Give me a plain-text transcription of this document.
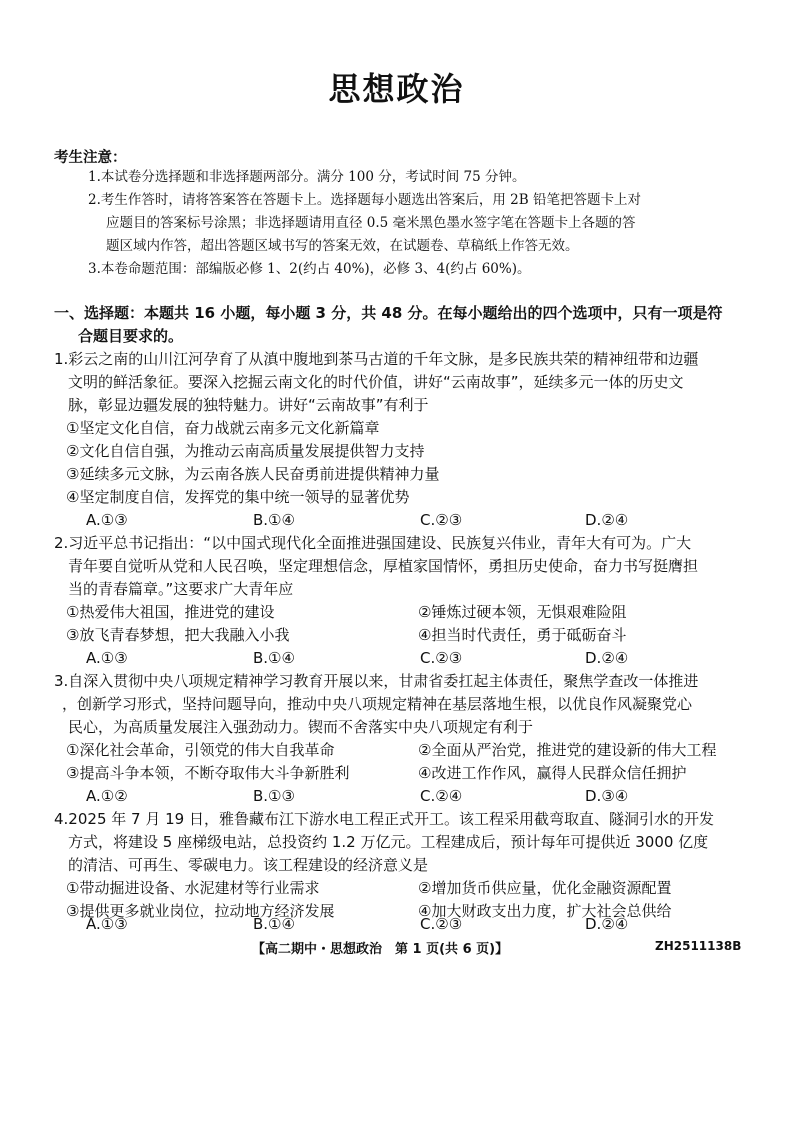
思想政治
考生注意：
1.本试卷分选择题和非选择题两部分。满分 100 分，考试时间 75 分钟。
2.考生作答时，请将答案答在答题卡上。选择题每小题选出答案后，用 2B 铅笔把答题卡上对
应题目的答案标号涂黑；非选择题请用直径 0.5 毫米黑色墨水签字笔在答题卡上各题的答
题区域内作答，超出答题区域书写的答案无效，在试题卷、草稿纸上作答无效。
3.本卷命题范围：部编版必修 1、2(约占 40%)，必修 3、4(约占 60%)。
一、选择题：本题共 16 小题，每小题 3 分，共 48 分。在每小题给出的四个选项中，只有一项是符
合题目要求的。
1.彩云之南的山川江河孕育了从滇中腹地到茶马古道的千年文脉，是多民族共荣的精神纽带和边疆
文明的鲜活象征。要深入挖掘云南文化的时代价值，讲好“云南故事”，延续多元一体的历史文
脉，彰显边疆发展的独特魅力。讲好“云南故事”有利于
①坚定文化自信，奋力战就云南多元文化新篇章
②文化自信自强，为推动云南高质量发展提供智力支持
③延续多元文脉，为云南各族人民奋勇前进提供精神力量
④坚定制度自信，发挥党的集中统一领导的显著优势
A.①③	B.①④	C.②③	D.②④
2.习近平总书记指出：“以中国式现代化全面推进强国建设、民族复兴伟业，青年大有可为。广大
青年要自觉听从党和人民召唤，坚定理想信念，厚植家国情怀，勇担历史使命，奋力书写挺膺担
当的青春篇章。”这要求广大青年应
①热爱伟大祖国，推进党的建设	②锤炼过硬本领，无惧艰难险阻
③放飞青春梦想，把大我融入小我	④担当时代责任，勇于砥砺奋斗
A.①③	B.①④	C.②③	D.②④
3.自深入贯彻中央八项规定精神学习教育开展以来，甘肃省委扛起主体责任，聚焦学查改一体推进
，创新学习形式，坚持问题导向，推动中央八项规定精神在基层落地生根，以优良作风凝聚党心
民心，为高质量发展注入强劲动力。锲而不舍落实中央八项规定有利于
①深化社会革命，引领党的伟大自我革命	②全面从严治党，推进党的建设新的伟大工程
③提高斗争本领，不断夺取伟大斗争新胜利	④改进工作作风，赢得人民群众信任拥护
A.①②	B.①③	C.②④	D.③④
4.2025 年 7 月 19 日，雅鲁藏布江下游水电工程正式开工。该工程采用截弯取直、隧洞引水的开发
方式，将建设 5 座梯级电站，总投资约 1.2 万亿元。工程建成后，预计每年可提供近 3000 亿度
的清洁、可再生、零碳电力。该工程建设的经济意义是
①带动掘进设备、水泥建材等行业需求	②增加货币供应量，优化金融资源配置
③提供更多就业岗位，拉动地方经济发展	④加大财政支出力度，扩大社会总供给
A.①③	B.①④	C.②③	D.②④
【高二期中・思想政治　第 1 页(共 6 页)】	ZH2511138B
